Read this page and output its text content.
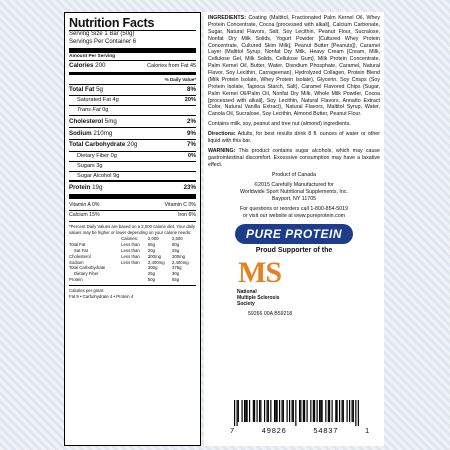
Nutrition Facts
Serving Size 1 Bar (50g)
Servings Per Container 6
Amount Per Serving
Calories 200	Calories from Fat 45
% Daily Value*
Total Fat 5g	8%
Saturated Fat 4g	20%
Trans Fat 0g
Cholesterol 5mg	2%
Sodium 210mg	9%
Total Carbohydrate 20g	7%
Dietary Fiber 0g	0%
Sugars 3g
Sugar Alcohol 9g
Protein 19g	23%
Vitamin A 0%	Vitamin C 0%
Calcium 15%	Iron 6%
*Percent Daily Values are based on a 2,000 calorie diet. Your daily values may be higher or lower depending on your calorie needs:
	Calories:	2,000	2,500
Total Fat	Less than	65g	80g
Sat Fat	Less than	20g	25g
Cholesterol	Less than	300mg	300mg
Sodium	Less than	2,400mg	2,400mg
Total Carbohydrate		300g	375g
Dietary Fiber		25g	30g
Protein		50g	65g
Calories per gram:
Fat 9 • Carbohydrate 4 • Protein 4

INGREDIENTS: Coating (Maltitol, Fractionated Palm Kernel Oil, Whey Protein Concentrate, Cocoa [processed with alkali], Calcium Carbonate, Sugar, Natural Flavors, Salt, Soy Lecithin, Peanut Flour, Sucralose, Nonfat Dry Milk Solids, Yogurt Powder [Cultured Whey Protein Concentrate, Cultured Skim Milk], Peanut Butter [Peanuts]), Caramel Layer (Maltitol Syrup, Nonfat Dry Milk, Heavy Cream [Cream, Milk, Cellulose Gel, Milk Solids, Cellulose Gum], Milk Protein Concentrate, Palm Kernel Oil, Butter, Water, Disodium Phosphate, Caramel, Natural Flavor, Soy Lecithin, Carrageenan), Hydrolyzed Collagen, Protein Blend (Milk Protein Isolate, Whey Protein Isolate), Glycerin, Soy Crisps (Soy Protein Isolate, Tapioca Starch, Salt), Caramel Flavored Chips (Sugar, Palm Kernel Oil/Palm Oil, Nonfat Dry Milk, Whole Milk Powder, Cocoa [processed with alkali], Soy Lecithin, Natural Flavors, Annatto Extract Color, Natural Vanilla Extract), Natural Flavors, Maltitol Syrup, Water, Canola Oil, Sucralose, Soy Lecithin, Almond Butter, Peanut Flour.

Contains milk, soy, peanut and tree nut (almond) ingredients.

Directions: Adults, for best results drink 8 fl. ounces of water or other liquid with this bar.

WARNING: This product contains sugar alcohols, which may cause gastrointestinal discomfort. Excessive consumption may have a laxative effect.

Product of Canada

©2015 Carefully Manufactured for
Worldwide Sport Nutritional Supplements, Inc.
Bayport, NY 11705
For questions or reorders call 1-800-854-5019
or visit our website at www.pureprotein.com
PURE PROTEIN
Proud Supporter of the
MS
National
Multiple Sclerosis
Society
59266 00A B59218
7	49826	54837	1
